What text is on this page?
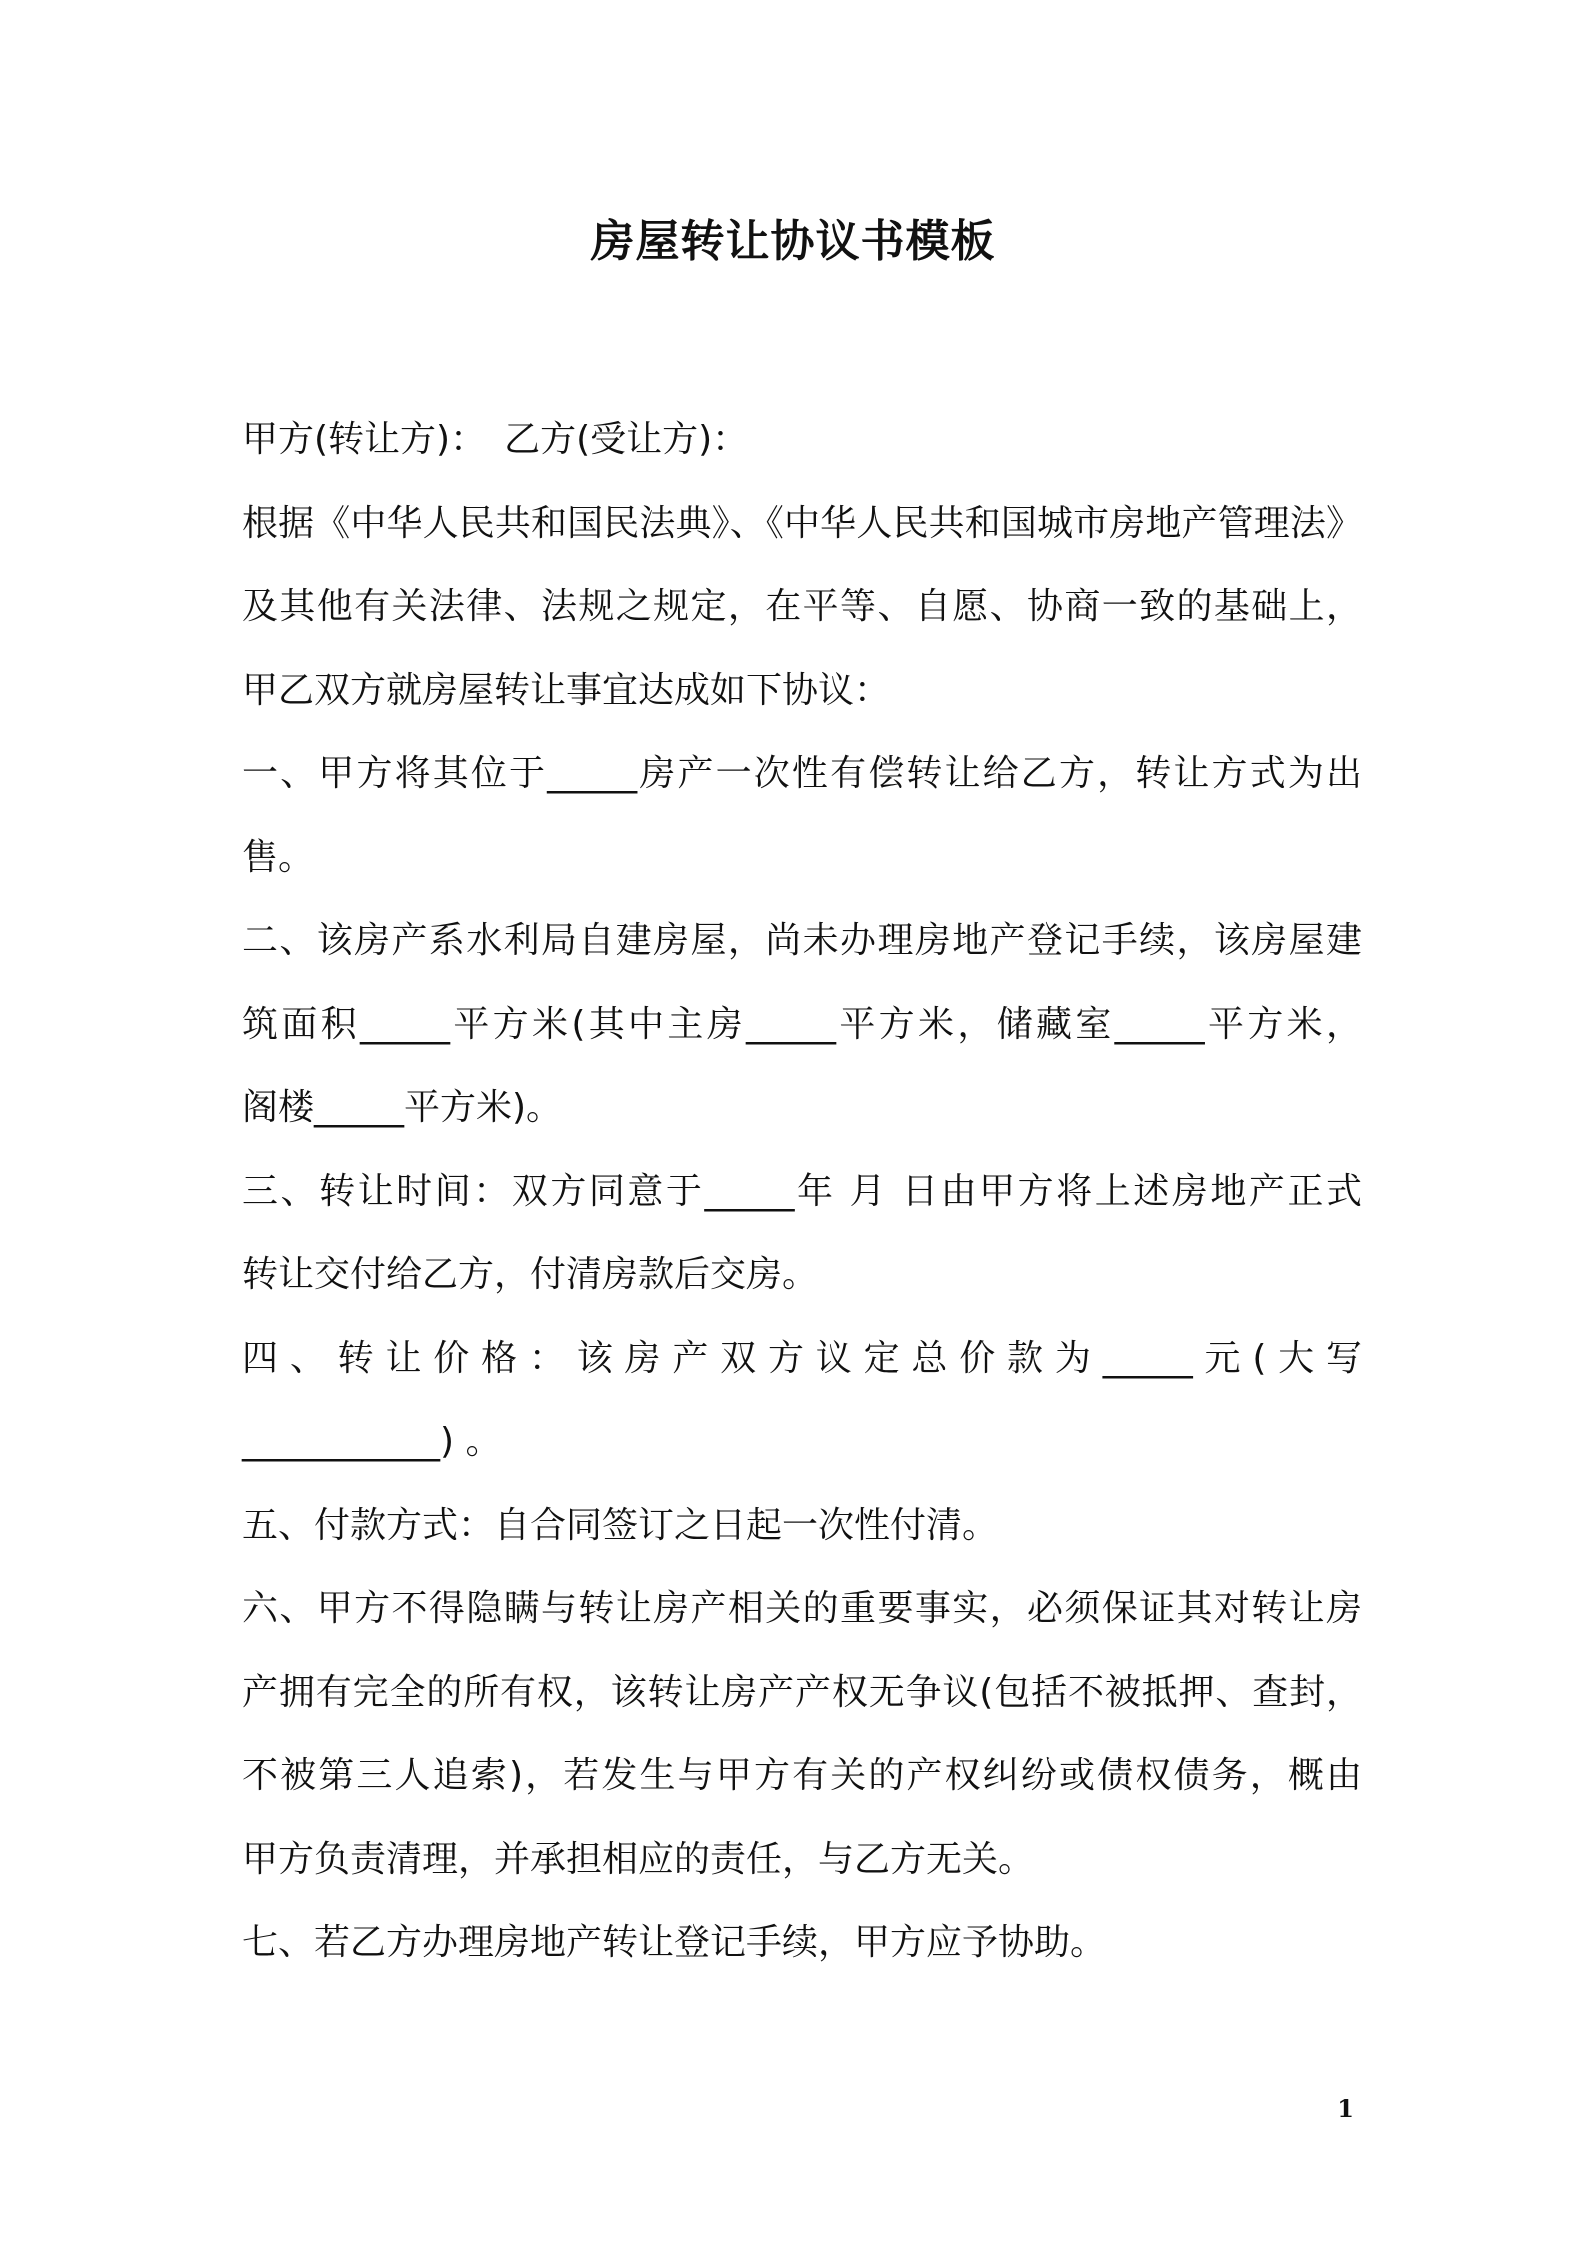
房屋转让协议书模板
甲方(转让方)：　乙方(受让方)：
根据《中华人民共和国民法典》、《中华人民共和国城市房地产管理法》
及其他有关法律、法规之规定，在平等、自愿、协商一致的基础上，
甲乙双方就房屋转让事宜达成如下协议：
一、甲方将其位于_____房产一次性有偿转让给乙方，转让方式为出
售。
二、该房产系水利局自建房屋，尚未办理房地产登记手续，该房屋建
筑面积_____平方米(其中主房_____平方米，储藏室_____平方米，
阁楼_____平方米)。
三、转让时间：双方同意于_____年 月 日由甲方将上述房地产正式
转让交付给乙方，付清房款后交房。
四、转让价格：该房产双方议定总价款为_____元(大写
___________) 。
五、付款方式：自合同签订之日起一次性付清。
六、甲方不得隐瞒与转让房产相关的重要事实，必须保证其对转让房
产拥有完全的所有权，该转让房产产权无争议(包括不被抵押、查封，
不被第三人追索)，若发生与甲方有关的产权纠纷或债权债务，概由
甲方负责清理，并承担相应的责任，与乙方无关。
七、若乙方办理房地产转让登记手续，甲方应予协助。
1
